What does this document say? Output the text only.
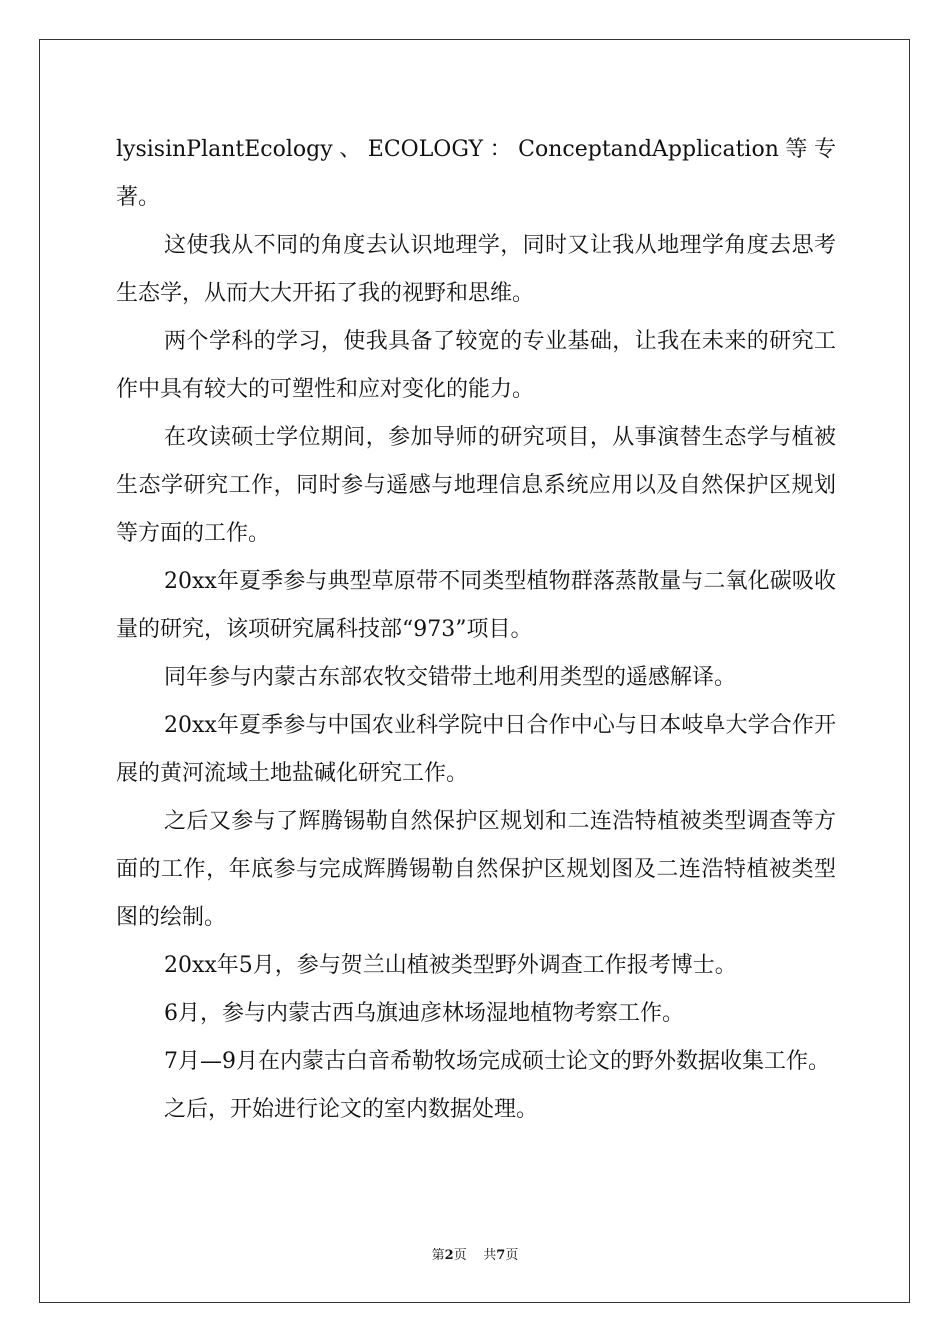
lysisinPlantEcology、ECOLOGY：ConceptandApplication等专著。

这使我从不同的角度去认识地理学，同时又让我从地理学角度去思考生态学，从而大大开拓了我的视野和思维。

两个学科的学习，使我具备了较宽的专业基础，让我在未来的研究工作中具有较大的可塑性和应对变化的能力。

在攻读硕士学位期间，参加导师的研究项目，从事演替生态学与植被生态学研究工作，同时参与遥感与地理信息系统应用以及自然保护区规划等方面的工作。

20xx年夏季参与典型草原带不同类型植物群落蒸散量与二氧化碳吸收量的研究，该项研究属科技部“973”项目。

同年参与内蒙古东部农牧交错带土地利用类型的遥感解译。

20xx年夏季参与中国农业科学院中日合作中心与日本岐阜大学合作开展的黄河流域土地盐碱化研究工作。

之后又参与了辉腾锡勒自然保护区规划和二连浩特植被类型调查等方面的工作，年底参与完成辉腾锡勒自然保护区规划图及二连浩特植被类型图的绘制。

20xx年5月，参与贺兰山植被类型野外调查工作报考博士。

6月，参与内蒙古西乌旗迪彦林场湿地植物考察工作。

7月—9月在内蒙古白音希勒牧场完成硕士论文的野外数据收集工作。

之后，开始进行论文的室内数据处理。

第2页 共7页
